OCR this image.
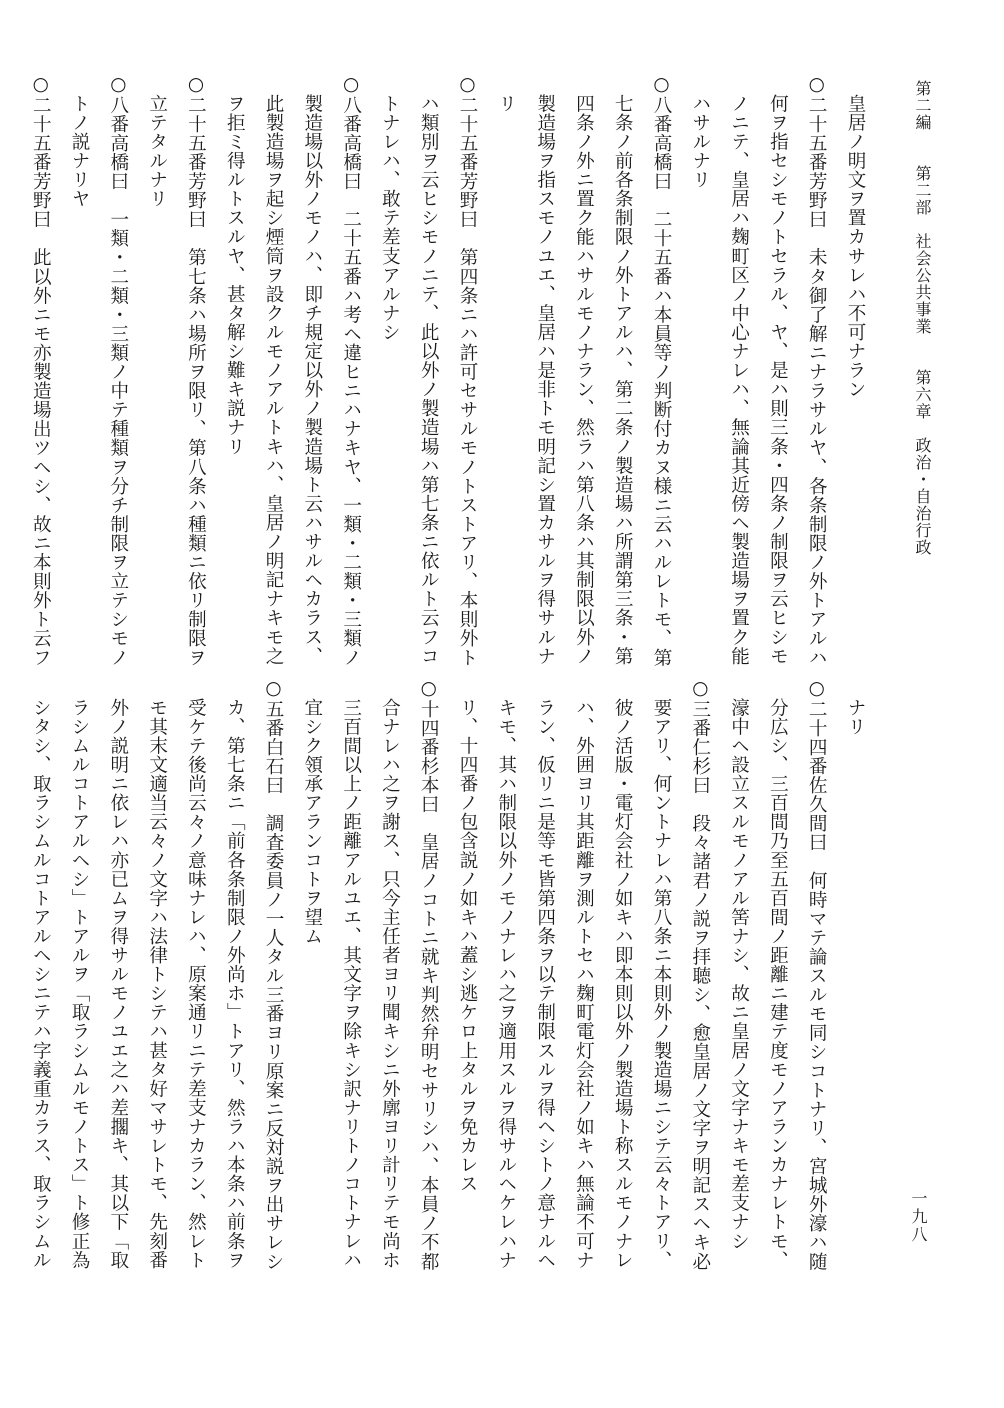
第二編　　第二部　社会公共事業　　第六章　政治・自治行政
一九八
皇居ノ明文ヲ置カサレハ不可ナラン
○二十五番芳野曰　未タ御了解ニナラサルヤ、各条制限ノ外トアルハ
何ヲ指セシモノトセラル、ヤ、是ハ則三条・四条ノ制限ヲ云ヒシモ
ノニテ、皇居ハ麹町区ノ中心ナレハ、無論其近傍ヘ製造場ヲ置ク能
ハサルナリ
○八番高橋曰　二十五番ハ本員等ノ判断付カヌ様ニ云ハルレトモ、第
七条ノ前各条制限ノ外トアルハ、第二条ノ製造場ハ所謂第三条・第
四条ノ外ニ置ク能ハサルモノナラン、然ラハ第八条ハ其制限以外ノ
製造場ヲ指スモノユエ、皇居ハ是非トモ明記シ置カサルヲ得サルナ
リ
○二十五番芳野曰　第四条ニハ許可セサルモノトストアリ、本則外ト
ハ類別ヲ云ヒシモノニテ、此以外ノ製造場ハ第七条ニ依ルト云フコ
トナレハ、敢テ差支アルナシ
○八番高橋曰　二十五番ハ考ヘ違ヒニハナキヤ、一類・二類・三類ノ
製造場以外ノモノハ、即チ規定以外ノ製造場ト云ハサルヘカラス、
此製造場ヲ起シ煙筒ヲ設クルモノアルトキハ、皇居ノ明記ナキモ之
ヲ拒ミ得ルトスルヤ、甚タ解シ難キ説ナリ
○二十五番芳野曰　第七条ハ場所ヲ限リ、第八条ハ種類ニ依リ制限ヲ
立テタルナリ
○八番高橋曰　一類・二類・三類ノ中テ種類ヲ分チ制限ヲ立テシモノ
トノ説ナリヤ
○二十五番芳野曰　此以外ニモ亦製造場出ツヘシ、故ニ本則外ト云フ
ナリ
○二十四番佐久間曰　何時マテ論スルモ同シコトナリ、宮城外濠ハ随
分広シ、三百間乃至五百間ノ距離ニ建テ度モノアランカナレトモ、
濠中ヘ設立スルモノアル筈ナシ、故ニ皇居ノ文字ナキモ差支ナシ
○三番仁杉曰　段々諸君ノ説ヲ拝聴シ、愈皇居ノ文字ヲ明記スヘキ必
要アリ、何ントナレハ第八条ニ本則外ノ製造場ニシテ云々トアリ、
彼ノ活版・電灯会社ノ如キハ即本則以外ノ製造場ト称スルモノナレ
ハ、外囲ヨリ其距離ヲ測ルトセハ麹町電灯会社ノ如キハ無論不可ナ
ラン、仮リニ是等モ皆第四条ヲ以テ制限スルヲ得ヘシトノ意ナルヘ
キモ、其ハ制限以外ノモノナレハ之ヲ適用スルヲ得サルヘケレハナ
リ、十四番ノ包含説ノ如キハ蓋シ逃ケロ上タルヲ免カレス
○十四番杉本曰　皇居ノコトニ就キ判然弁明セサリシハ、本員ノ不都
合ナレハ之ヲ謝ス、只今主任者ヨリ聞キシニ外廓ヨリ計リテモ尚ホ
三百間以上ノ距離アルユエ、其文字ヲ除キシ訳ナリトノコトナレハ
宜シク領承アランコトヲ望ム
○五番白石曰　調査委員ノ一人タル三番ヨリ原案ニ反対説ヲ出サレシ
カ、第七条ニ「前各条制限ノ外尚ホ」トアリ、然ラハ本条ハ前条ヲ
受ケテ後尚云々ノ意味ナレハ、原案通リニテ差支ナカラン、然レト
モ其末文適当云々ノ文字ハ法律トシテハ甚タ好マサレトモ、先刻番
外ノ説明ニ依レハ亦已ムヲ得サルモノユエ之ハ差擱キ、其以下「取
ラシムルコトアルヘシ」トアルヲ「取ラシムルモノトス」ト修正為
シタシ、取ラシムルコトアルヘシニテハ字義重カラス、取ラシムル
